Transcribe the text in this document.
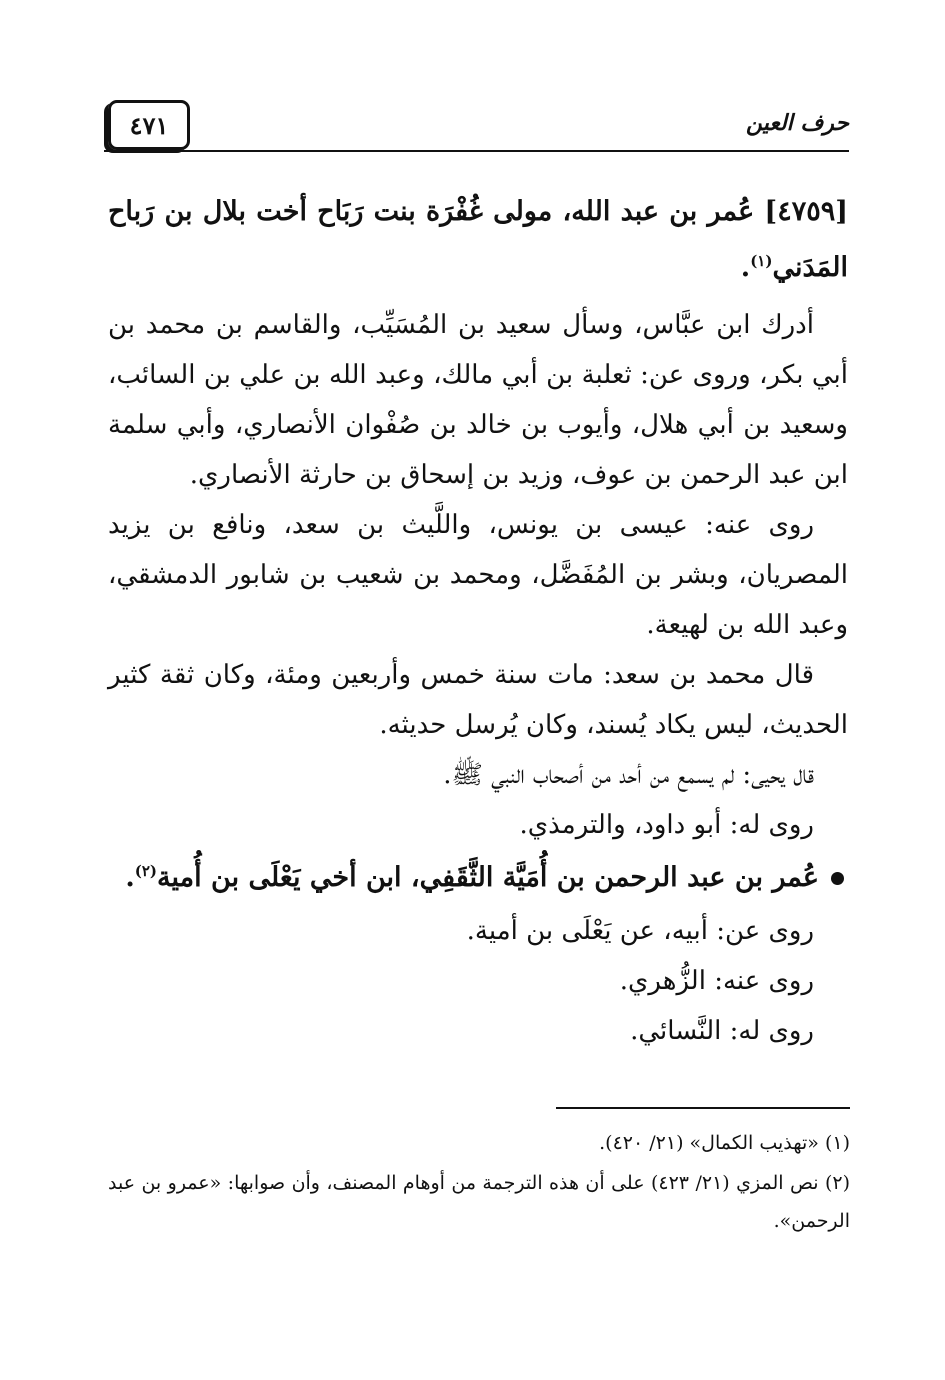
٤٧١	حرف العين

[٤٧٥٩] عُمر بن عبد الله، مولى غُفْرَة بنت رَبَاح أخت بلال بن رَباح المَدَني$^{(١)}$.

أدرك ابن عبَّاس، وسأل سعيد بن المُسَيِّب، والقاسم بن محمد بن أبي بكر، وروى عن: ثعلبة بن أبي مالك، وعبد الله بن علي بن السائب، وسعيد بن أبي هلال، وأيوب بن خالد بن صُفْوان الأنصاري، وأبي سلمة ابن عبد الرحمن بن عوف، وزيد بن إسحاق بن حارثة الأنصاري.

روى عنه: عيسى بن يونس، واللَّيث بن سعد، ونافع بن يزيد المصريان، وبشر بن المُفَضَّل، ومحمد بن شعيب بن شابور الدمشقي، وعبد الله بن لهيعة.

قال محمد بن سعد: مات سنة خمس وأربعين ومئة، وكان ثقة كثير الحديث، ليس يكاد يُسند، وكان يُرسل حديثه.

قال يحيى: لم يسمع من أحد من أصحاب النبي ﷺ.

روى له: أبو داود، والترمذي.

عُمر بن عبد الرحمن بن أُمَيَّة الثَّقَفِي، ابن أخي يَعْلَى بن أُمية$^{(٢)}$.

روى عن: أبيه، عن يَعْلَى بن أمية.

روى عنه: الزُّهري.

روى له: النَّسائي.

(١) «تهذيب الكمال» (٢١/ ٤٢٠).

(٢) نص المزي (٢١/ ٤٢٣) على أن هذه الترجمة من أوهام المصنف، وأن صوابها: «عمرو بن عبد الرحمن».
